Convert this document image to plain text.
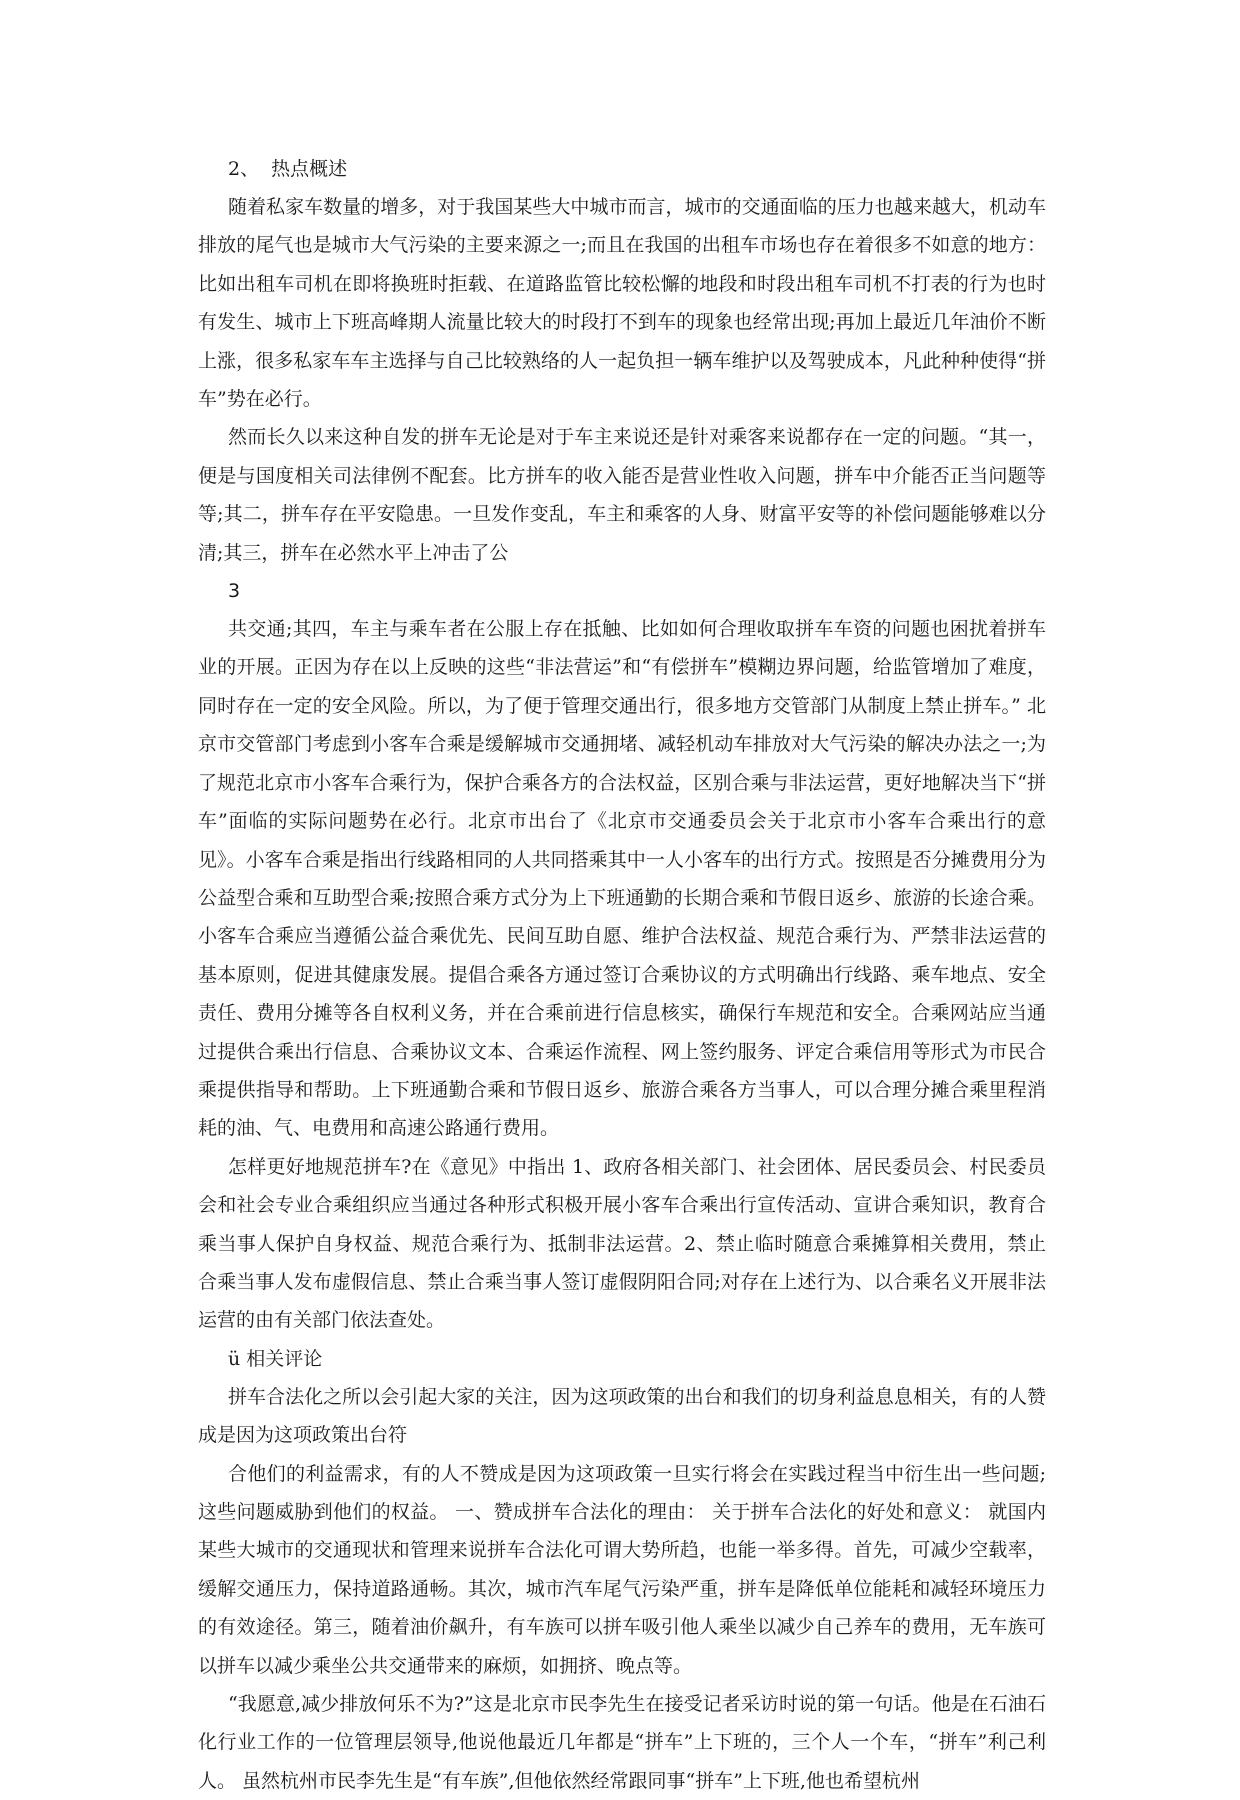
2、  热点概述

随着私家车数量的增多，对于我国某些大中城市而言，城市的交通面临的压力也越来越大，机动车排放的尾气也是城市大气污染的主要来源之一;而且在我国的出租车市场也存在着很多不如意的地方：比如出租车司机在即将换班时拒载、在道路监管比较松懈的地段和时段出租车司机不打表的行为也时有发生、城市上下班高峰期人流量比较大的时段打不到车的现象也经常出现;再加上最近几年油价不断上涨，很多私家车车主选择与自己比较熟络的人一起负担一辆车维护以及驾驶成本，凡此种种使得“拼车”势在必行。

然而长久以来这种自发的拼车无论是对于车主来说还是针对乘客来说都存在一定的问题。“其一，便是与国度相关司法律例不配套。比方拼车的收入能否是营业性收入问题，拼车中介能否正当问题等等;其二，拼车存在平安隐患。一旦发作变乱，车主和乘客的人身、财富平安等的补偿问题能够难以分清;其三，拼车在必然水平上冲击了公

3

共交通;其四，车主与乘车者在公服上存在抵触、比如如何合理收取拼车车资的问题也困扰着拼车业的开展。正因为存在以上反映的这些“非法营运”和“有偿拼车”模糊边界问题，给监管增加了难度，同时存在一定的安全风险。所以，为了便于管理交通出行，很多地方交管部门从制度上禁止拼车。” 北京市交管部门考虑到小客车合乘是缓解城市交通拥堵、减轻机动车排放对大气污染的解决办法之一;为了规范北京市小客车合乘行为，保护合乘各方的合法权益，区别合乘与非法运营，更好地解决当下“拼车”面临的实际问题势在必行。北京市出台了《北京市交通委员会关于北京市小客车合乘出行的意见》。小客车合乘是指出行线路相同的人共同搭乘其中一人小客车的出行方式。按照是否分摊费用分为公益型合乘和互助型合乘;按照合乘方式分为上下班通勤的长期合乘和节假日返乡、旅游的长途合乘。小客车合乘应当遵循公益合乘优先、民间互助自愿、维护合法权益、规范合乘行为、严禁非法运营的基本原则，促进其健康发展。提倡合乘各方通过签订合乘协议的方式明确出行线路、乘车地点、安全责任、费用分摊等各自权利义务，并在合乘前进行信息核实，确保行车规范和安全。合乘网站应当通过提供合乘出行信息、合乘协议文本、合乘运作流程、网上签约服务、评定合乘信用等形式为市民合乘提供指导和帮助。上下班通勤合乘和节假日返乡、旅游合乘各方当事人，可以合理分摊合乘里程消耗的油、气、电费用和高速公路通行费用。

怎样更好地规范拼车?在《意见》中指出 1、政府各相关部门、社会团体、居民委员会、村民委员会和社会专业合乘组织应当通过各种形式积极开展小客车合乘出行宣传活动、宣讲合乘知识，教育合乘当事人保护自身权益、规范合乘行为、抵制非法运营。2、禁止临时随意合乘摊算相关费用，禁止合乘当事人发布虚假信息、禁止合乘当事人签订虚假阴阳合同;对存在上述行为、以合乘名义开展非法运营的由有关部门依法查处。

ü 相关评论

拼车合法化之所以会引起大家的关注，因为这项政策的出台和我们的切身利益息息相关，有的人赞成是因为这项政策出台符

合他们的利益需求，有的人不赞成是因为这项政策一旦实行将会在实践过程当中衍生出一些问题;这些问题威胁到他们的权益。 一、赞成拼车合法化的理由： 关于拼车合法化的好处和意义： 就国内某些大城市的交通现状和管理来说拼车合法化可谓大势所趋，也能一举多得。首先，可减少空载率，缓解交通压力，保持道路通畅。其次，城市汽车尾气污染严重，拼车是降低单位能耗和减轻环境压力的有效途径。第三，随着油价飙升，有车族可以拼车吸引他人乘坐以减少自己养车的费用，无车族可以拼车以减少乘坐公共交通带来的麻烦，如拥挤、晚点等。

“我愿意,减少排放何乐不为?”这是北京市民李先生在接受记者采访时说的第一句话。他是在石油石化行业工作的一位管理层领导,他说他最近几年都是“拼车”上下班的，三个人一个车，“拼车”利己利人。 虽然杭州市民李先生是“有车族”,但他依然经常跟同事“拼车”上下班,他也希望杭州
